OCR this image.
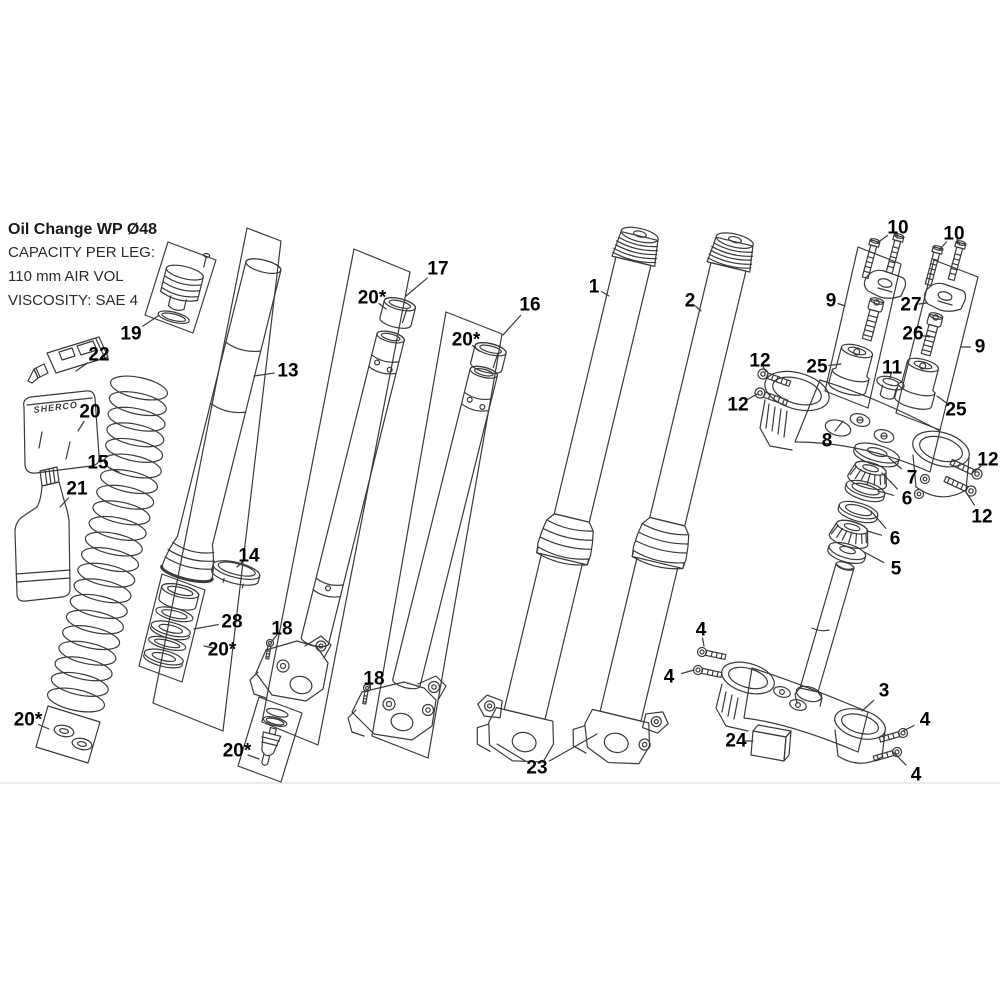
Oil Change WP Ø48

CAPACITY PER LEG:

110 mm AIR VOL

VISCOSITY: SAE 4

SHERCO
19
22
20
15
21
20*
13
14
28
20*
18
20*
17
20*	16
20*
18
1
2
23
10 10
9	27
26
9
25	11
25
8
12
12
12
12
7
6
6
5
4
4
3
4
4
24
